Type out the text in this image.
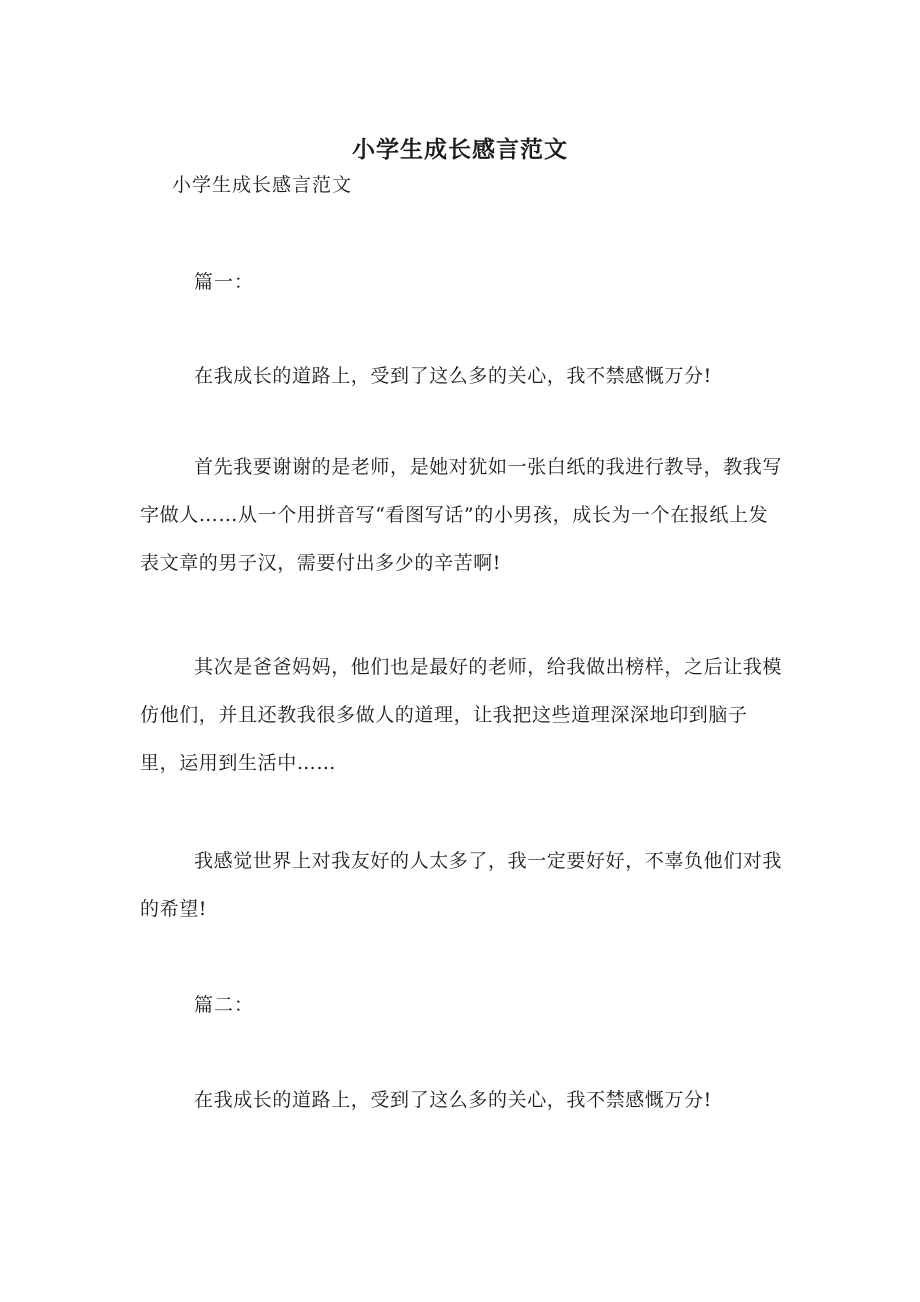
小学生成长感言范文
小学生成长感言范文

篇一：

在我成长的道路上，受到了这么多的关心，我不禁感慨万分!

首先我要谢谢的是老师，是她对犹如一张白纸的我进行教导，教我写字做人……从一个用拼音写“看图写话”的小男孩，成长为一个在报纸上发表文章的男子汉，需要付出多少的辛苦啊!

其次是爸爸妈妈，他们也是最好的老师，给我做出榜样，之后让我模仿他们，并且还教我很多做人的道理，让我把这些道理深深地印到脑子里，运用到生活中……

我感觉世界上对我友好的人太多了，我一定要好好，不辜负他们对我的希望!

篇二：

在我成长的道路上，受到了这么多的关心，我不禁感慨万分!
